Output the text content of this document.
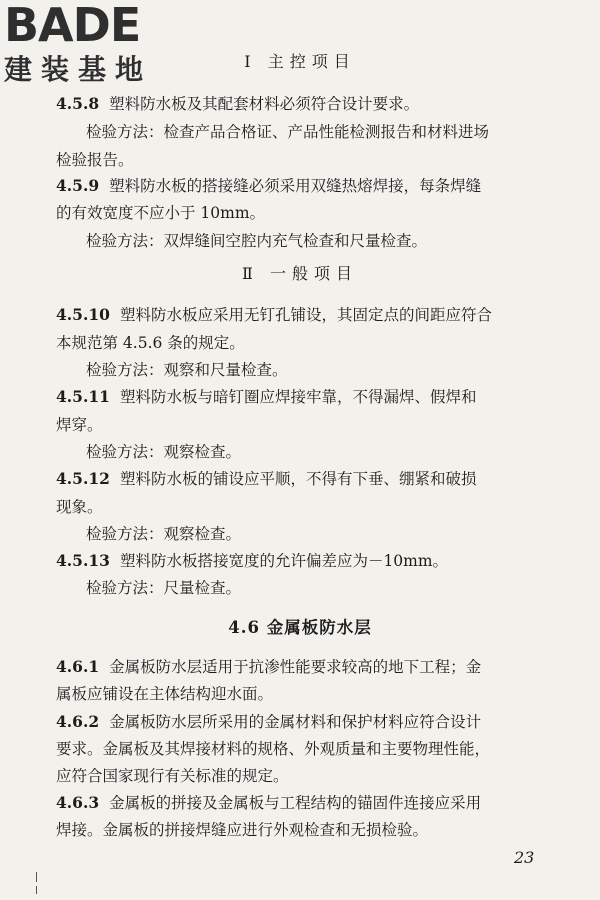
BADE
建装基地	Ⅰ 主控项目
4.5.8 塑料防水板及其配套材料必须符合设计要求。
检验方法：检查产品合格证、产品性能检测报告和材料进场
检验报告。
4.5.9 塑料防水板的搭接缝必须采用双缝热熔焊接，每条焊缝
的有效宽度不应小于 10mm。
检验方法：双焊缝间空腔内充气检查和尺量检查。
Ⅱ 一般项目
4.5.10 塑料防水板应采用无钉孔铺设，其固定点的间距应符合
本规范第 4.5.6 条的规定。
检验方法：观察和尺量检查。
4.5.11 塑料防水板与暗钉圈应焊接牢靠，不得漏焊、假焊和
焊穿。
检验方法：观察检查。
4.5.12 塑料防水板的铺设应平顺，不得有下垂、绷紧和破损
现象。
检验方法：观察检查。
4.5.13 塑料防水板搭接宽度的允许偏差应为－10mm。
检验方法：尺量检查。
4.6 金属板防水层
4.6.1 金属板防水层适用于抗渗性能要求较高的地下工程；金
属板应铺设在主体结构迎水面。
4.6.2 金属板防水层所采用的金属材料和保护材料应符合设计
要求。金属板及其焊接材料的规格、外观质量和主要物理性能，
应符合国家现行有关标准的规定。
4.6.3 金属板的拼接及金属板与工程结构的锚固件连接应采用
焊接。金属板的拼接焊缝应进行外观检查和无损检验。
23
